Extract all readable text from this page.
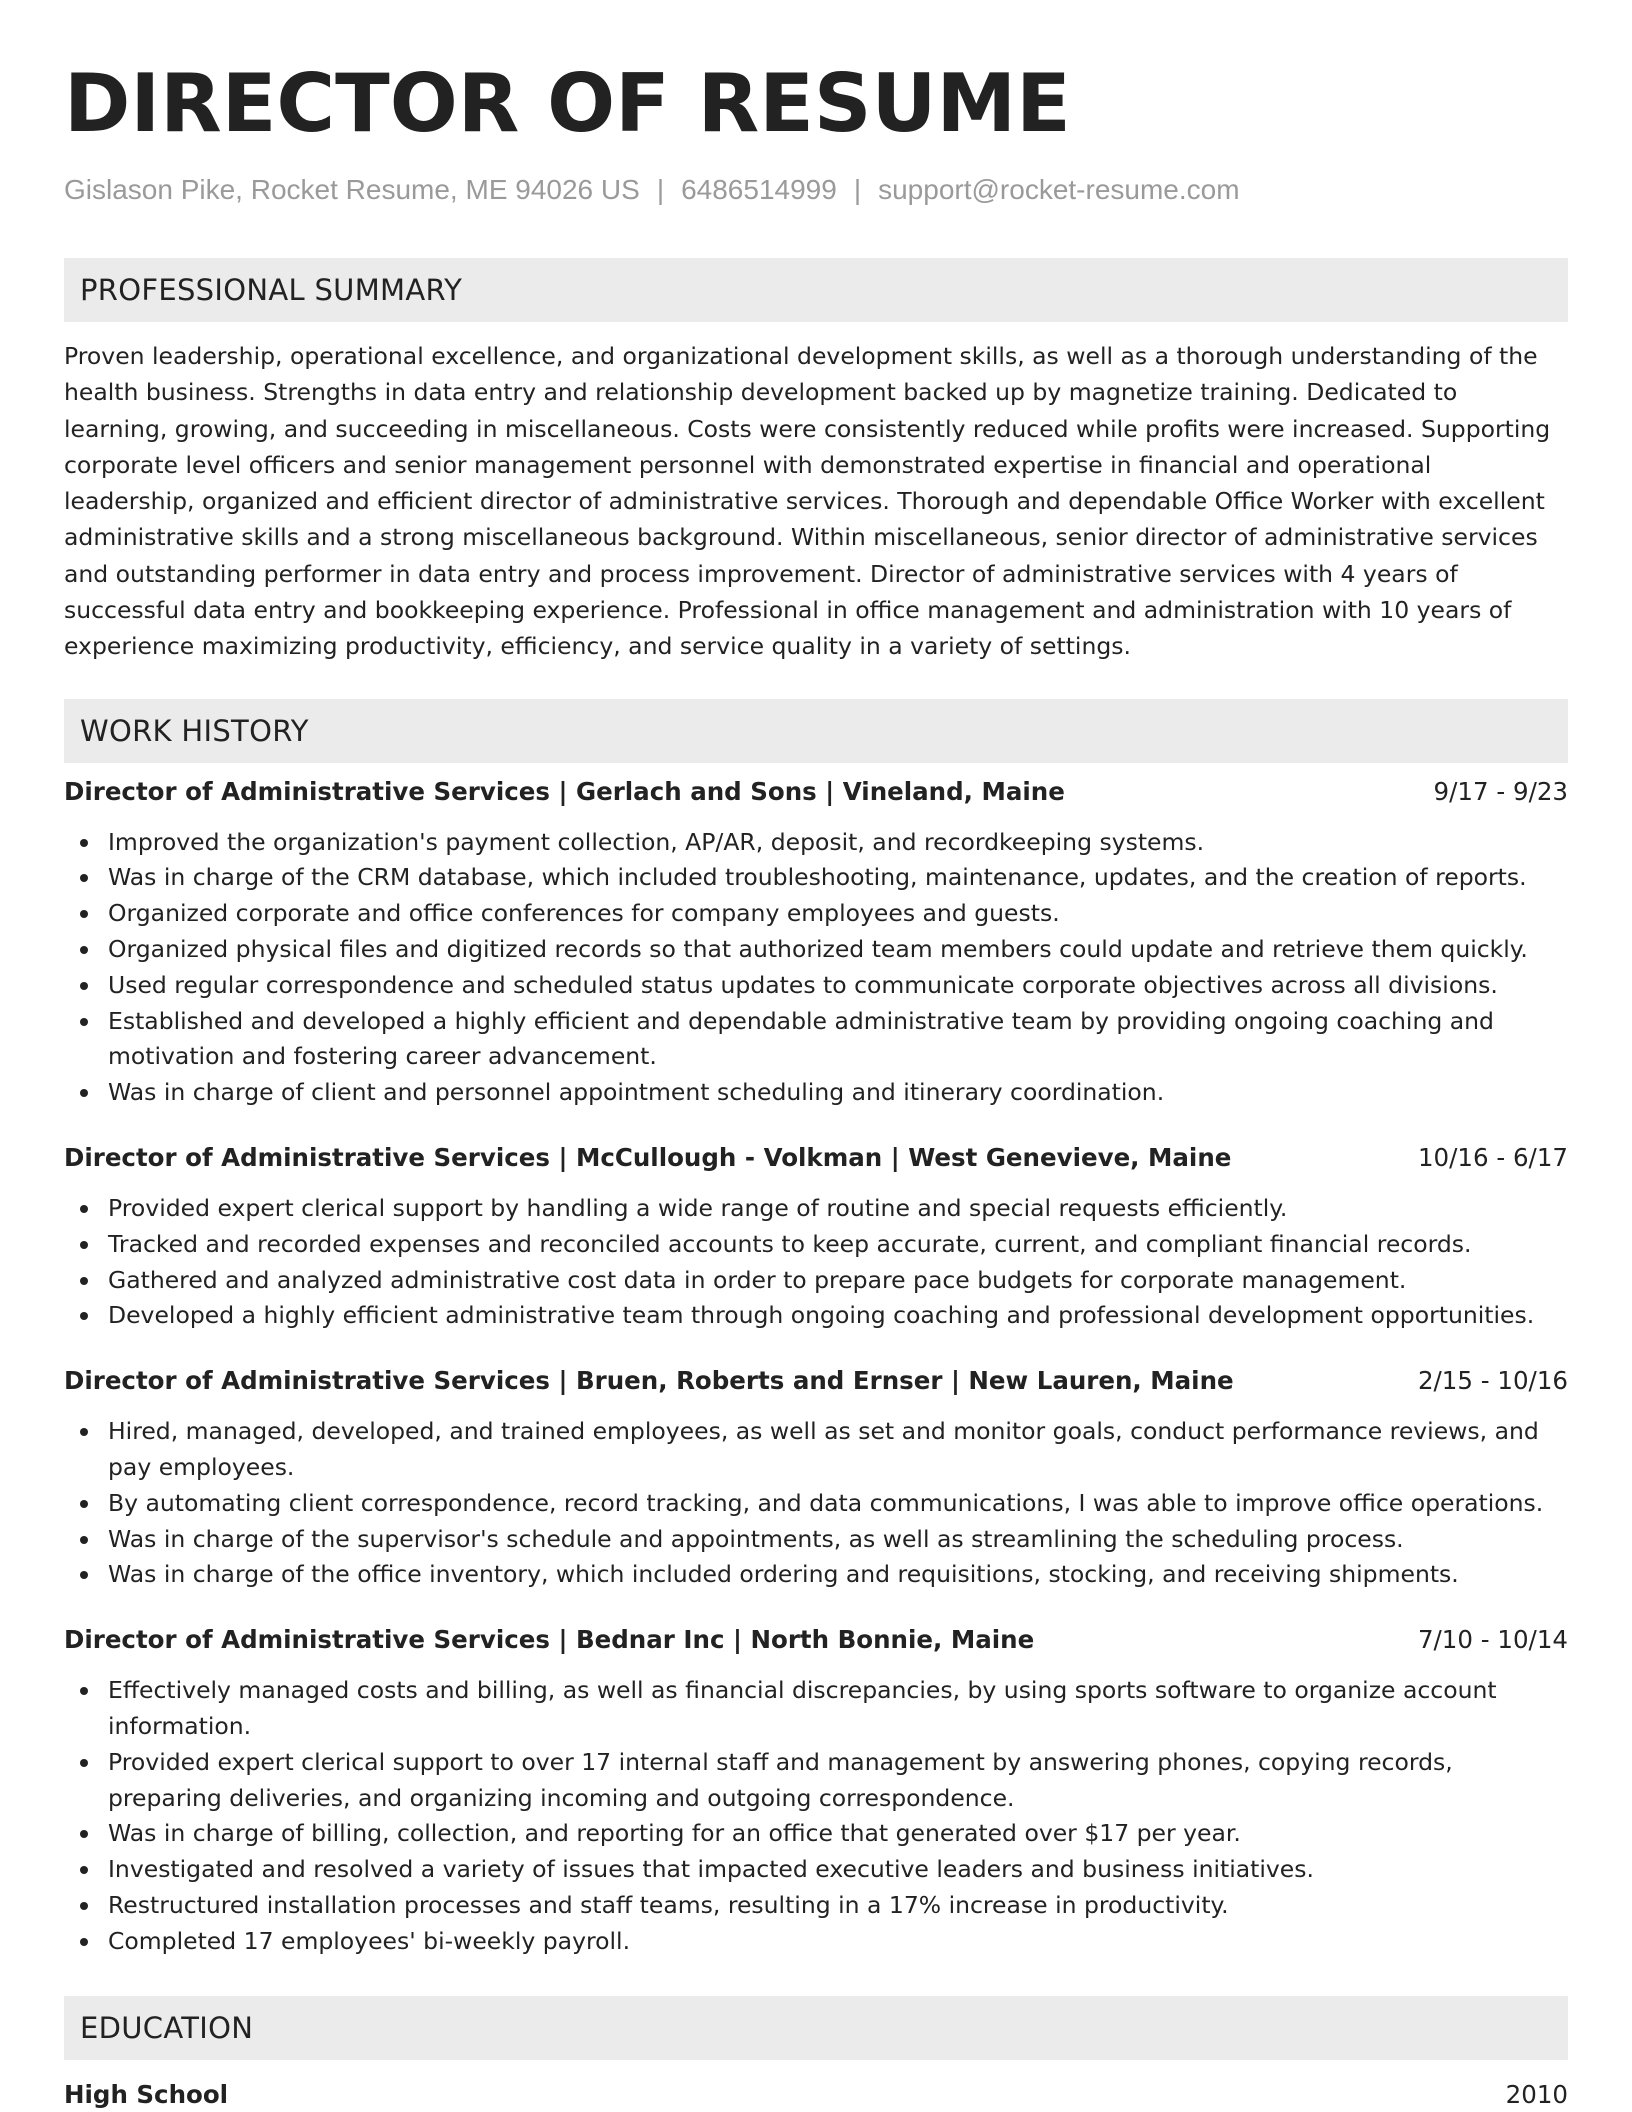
DIRECTOR OF RESUME
Gislason Pike, Rocket Resume, ME 94026 US | 6486514999 | support@rocket-resume.com
PROFESSIONAL SUMMARY

Proven leadership, operational excellence, and organizational development skills, as well as a thorough understanding of the health business. Strengths in data entry and relationship development backed up by magnetize training. Dedicated to learning, growing, and succeeding in miscellaneous. Costs were consistently reduced while profits were increased. Supporting corporate level officers and senior management personnel with demonstrated expertise in financial and operational leadership, organized and efficient director of administrative services. Thorough and dependable Office Worker with excellent administrative skills and a strong miscellaneous background. Within miscellaneous, senior director of administrative services and outstanding performer in data entry and process improvement. Director of administrative services with 4 years of successful data entry and bookkeeping experience. Professional in office management and administration with 10 years of experience maximizing productivity, efficiency, and service quality in a variety of settings.

WORK HISTORY
Director of Administrative Services | Gerlach and Sons | Vineland, Maine	9/17 - 9/23
Improved the organization's payment collection, AP/AR, deposit, and recordkeeping systems.
Was in charge of the CRM database, which included troubleshooting, maintenance, updates, and the creation of reports.
Organized corporate and office conferences for company employees and guests.
Organized physical files and digitized records so that authorized team members could update and retrieve them quickly.
Used regular correspondence and scheduled status updates to communicate corporate objectives across all divisions.
Established and developed a highly efficient and dependable administrative team by providing ongoing coaching and motivation and fostering career advancement.
Was in charge of client and personnel appointment scheduling and itinerary coordination.
Director of Administrative Services | McCullough - Volkman | West Genevieve, Maine	10/16 - 6/17
Provided expert clerical support by handling a wide range of routine and special requests efficiently.
Tracked and recorded expenses and reconciled accounts to keep accurate, current, and compliant financial records.
Gathered and analyzed administrative cost data in order to prepare pace budgets for corporate management.
Developed a highly efficient administrative team through ongoing coaching and professional development opportunities.
Director of Administrative Services | Bruen, Roberts and Ernser | New Lauren, Maine	2/15 - 10/16
Hired, managed, developed, and trained employees, as well as set and monitor goals, conduct performance reviews, and pay employees.
By automating client correspondence, record tracking, and data communications, I was able to improve office operations.
Was in charge of the supervisor's schedule and appointments, as well as streamlining the scheduling process.
Was in charge of the office inventory, which included ordering and requisitions, stocking, and receiving shipments.
Director of Administrative Services | Bednar Inc | North Bonnie, Maine	7/10 - 10/14
Effectively managed costs and billing, as well as financial discrepancies, by using sports software to organize account information.
Provided expert clerical support to over 17 internal staff and management by answering phones, copying records, preparing deliveries, and organizing incoming and outgoing correspondence.
Was in charge of billing, collection, and reporting for an office that generated over $17 per year.
Investigated and resolved a variety of issues that impacted executive leaders and business initiatives.
Restructured installation processes and staff teams, resulting in a 17% increase in productivity.
Completed 17 employees' bi-weekly payroll.
EDUCATION
High School	2010
